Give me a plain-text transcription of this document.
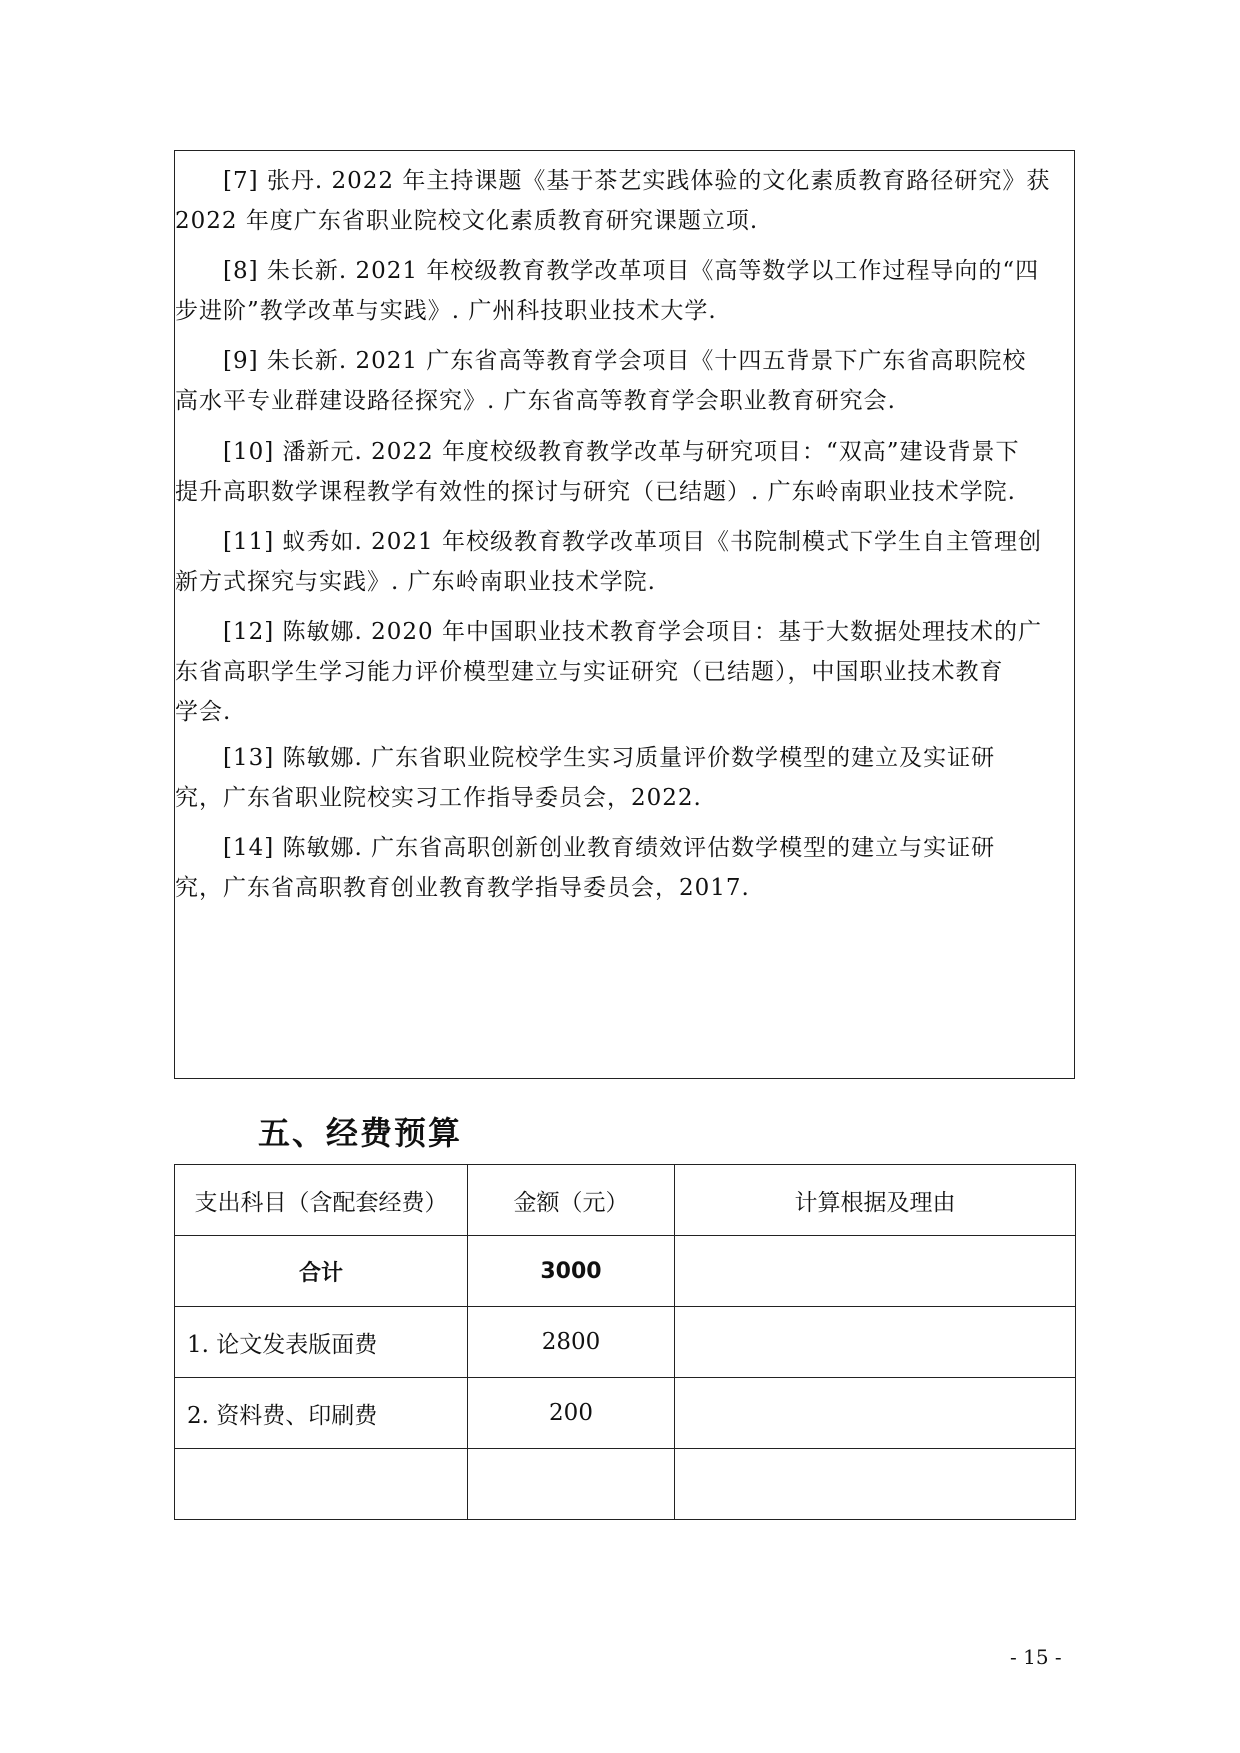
[7] 张丹. 2022 年主持课题《基于茶艺实践体验的文化素质教育路径研究》获
2022 年度广东省职业院校文化素质教育研究课题立项.
[8] 朱长新. 2021 年校级教育教学改革项目《高等数学以工作过程导向的“四
步进阶”教学改革与实践》. 广州科技职业技术大学.
[9] 朱长新. 2021 广东省高等教育学会项目《十四五背景下广东省高职院校
高水平专业群建设路径探究》. 广东省高等教育学会职业教育研究会.
[10] 潘新元. 2022 年度校级教育教学改革与研究项目：“双高”建设背景下
提升高职数学课程教学有效性的探讨与研究（已结题）. 广东岭南职业技术学院.
[11] 蚁秀如. 2021 年校级教育教学改革项目《书院制模式下学生自主管理创
新方式探究与实践》. 广东岭南职业技术学院.
[12] 陈敏娜. 2020 年中国职业技术教育学会项目：基于大数据处理技术的广
东省高职学生学习能力评价模型建立与实证研究（已结题），中国职业技术教育
学会.
[13] 陈敏娜. 广东省职业院校学生实习质量评价数学模型的建立及实证研
究，广东省职业院校实习工作指导委员会，2022.
[14] 陈敏娜. 广东省高职创新创业教育绩效评估数学模型的建立与实证研
究，广东省高职教育创业教育教学指导委员会，2017.
五、经费预算
支出科目（含配套经费）	金额（元）	计算根据及理由
合计	3000	
1. 论文发表版面费	2800	
2. 资料费、印刷费	200	

- 15 -
